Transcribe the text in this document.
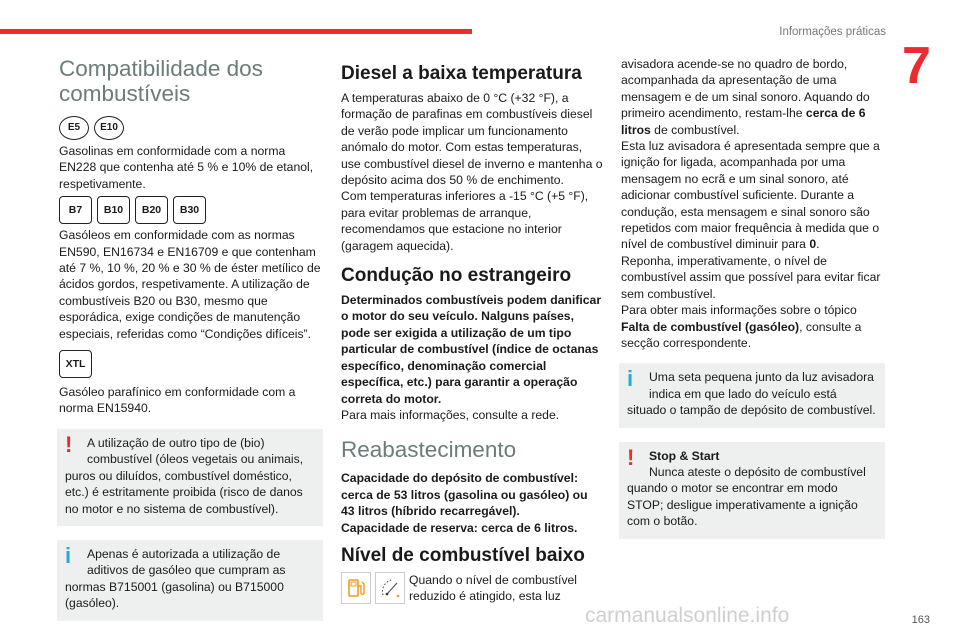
Informações práticas
7
Compatibilidade dos combustíveis
E5	E10

Gasolinas em conformidade com a norma EN228 que contenha até 5 % e 10% de etanol, respetivamente.

B7	B10	B20	B30

Gasóleos em conformidade com as normas EN590, EN16734 e EN16709 e que contenham até 7 %, 10 %, 20 % e 30 % de éster metílico de ácidos gordos, respetivamente. A utilização de combustíveis B20 ou B30, mesmo que esporádica, exige condições de manutenção especiais, referidas como “Condições difíceis”.

XTL

Gasóleo parafínico em conformidade com a norma EN15940.

!	A utilização de outro tipo de (bio) combustível (óleos vegetais ou animais, puros ou diluídos, combustível doméstico, etc.) é estritamente proibida (risco de danos no motor e no sistema de combustível).

i	Apenas é autorizada a utilização de aditivos de gasóleo que cumpram as normas B715001 (gasolina) ou B715000 (gasóleo).

Diesel a baixa temperatura

A temperaturas abaixo de 0 °C (+32 °F), a formação de parafinas em combustíveis diesel de verão pode implicar um funcionamento anómalo do motor. Com estas temperaturas, use combustível diesel de inverno e mantenha o depósito acima dos 50 % de enchimento.

Com temperaturas inferiores a -15 °C (+5 °F), para evitar problemas de arranque, recomendamos que estacione no interior (garagem aquecida).

Condução no estrangeiro

Determinados combustíveis podem danificar o motor do seu veículo. Nalguns países, pode ser exigida a utilização de um tipo particular de combustível (índice de octanas específico, denominação comercial específica, etc.) para garantir a operação correta do motor.

Para mais informações, consulte a rede.

Reabastecimento

Capacidade do depósito de combustível: cerca de 53 litros (gasolina ou gasóleo) ou 43 litros (híbrido recarregável).

Capacidade de reserva: cerca de 6 litros.

Nível de combustível baixo

Quando o nível de combustível reduzido é atingido, esta luz

avisadora acende-se no quadro de bordo, acompanhada da apresentação de uma mensagem e de um sinal sonoro. Aquando do primeiro acendimento, restam-lhe cerca de 6 litros de combustível.

Esta luz avisadora é apresentada sempre que a ignição for ligada, acompanhada por uma mensagem no ecrã e um sinal sonoro, até adicionar combustível suficiente. Durante a condução, esta mensagem e sinal sonoro são repetidos com maior frequência à medida que o nível de combustível diminuir para 0.

Reponha, imperativamente, o nível de combustível assim que possível para evitar ficar sem combustível.

Para obter mais informações sobre o tópico Falta de combustível (gasóleo), consulte a secção correspondente.

i	Uma seta pequena junto da luz avisadora indica em que lado do veículo está situado o tampão de depósito de combustível.

!	Stop & Start

Nunca ateste o depósito de combustível quando o motor se encontrar em modo STOP; desligue imperativamente a ignição com o botão.

carmanualsonline.info	163
